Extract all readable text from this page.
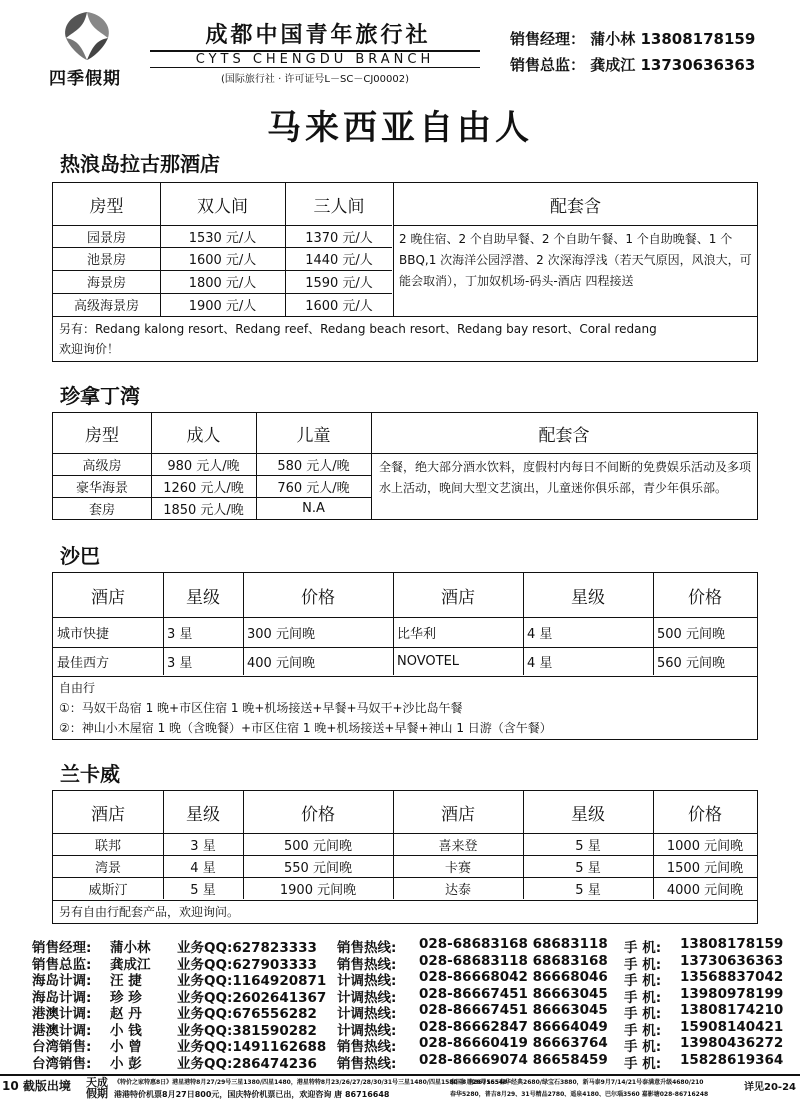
四季假期
成都中国青年旅行社
CYTS CHENGDU BRANCH
(国际旅行社 · 许可证号L－SC－CJ00002)
销售经理： 蒲小林 13808178159
销售总监： 龚成江 13730636363
马来西亚自由人
热浪岛拉古那酒店
房型	双人间	三人间	配套含
园景房	1530 元/人	1370 元/人
池景房	1600 元/人	1440 元/人
海景房	1800 元/人	1590 元/人
高级海景房	1900 元/人	1600 元/人
2 晚住宿、2 个自助早餐、2 个自助午餐、1 个自助晚餐、1 个 BBQ,1 次海洋公园浮潜、2 次深海浮浅（若天气原因，风浪大，可能会取消），丁加奴机场-码头-酒店 四程接送
另有：Redang kalong resort、Redang reef、Redang beach resort、Redang bay resort、Coral redang
欢迎询价！
珍拿丁湾
房型	成人	儿童	配套含
高级房	980 元人/晚	580 元人/晚
豪华海景	1260 元人/晚	760 元人/晚
套房	1850 元人/晚	N.A
全餐，绝大部分酒水饮料，度假村内每日不间断的免费娱乐活动及多项水上活动，晚间大型文艺演出，儿童迷你俱乐部，青少年俱乐部。
沙巴
酒店	星级	价格	酒店	星级	价格
城市快捷	3 星	300 元间晚	比华利	4 星	500 元间晚
最佳西方	3 星	400 元间晚	NOVOTEL	4 星	560 元间晚
自由行
①：马奴干岛宿 1 晚+市区住宿 1 晚+机场接送+早餐+马奴干+沙比岛午餐
②：神山小木屋宿 1 晚（含晚餐）+市区住宿 1 晚+机场接送+早餐+神山 1 日游（含午餐）
兰卡威
酒店	星级	价格	酒店	星级	价格
联邦	3 星	500 元间晚	喜来登	5 星	1000 元间晚
湾景	4 星	550 元间晚	卡赛	5 星	1500 元间晚
威斯汀	5 星	1900 元间晚	达泰	5 星	4000 元间晚
另有自由行配套产品，欢迎询问。
销售经理: 蒲小林 业务QQ:627823333 销售热线: 028-68683168 68683118 手 机: 13808178159
销售总监: 龚成江 业务QQ:627903333 销售热线: 028-68683118 68683168 手 机: 13730636363
海岛计调: 汪 捷	业务QQ:1164920871 计调热线: 028-86668042 86668046 手 机: 13568837042
海岛计调: 珍 珍	业务QQ:2602641367 计调热线: 028-86667451 86663045 手 机: 13980978199
港澳计调: 赵 丹	业务QQ:676556282 计调热线: 028-86667451 86663045 手 机: 13808174210
港澳计调: 小 钱	业务QQ:381590282 计调热线: 028-86662847 86664049 手 机: 15908140421
台湾销售: 小 曾	业务QQ:1491162688 销售热线: 028-86660419 86663764 手 机: 13980436272
台湾销售: 小 彭	业务QQ:286474236 销售热线: 028-86669074 86658459 手 机: 15828619364
10 截版出境 天成
假期
《特价之家特惠8日》港星港特8月27/29号三星1380/四星1480，港星特特8月23/26/27/28/30/31号三星1480/四星1580 丰 唐86716548
港港特价机票8月27日800元，国庆特价机票已出，欢迎咨询 唐 86716648
泰国8月28号555春华经典2680/绿宝石3880，新马泰9月7/14/21号泰满意升级4680/210
春华5280，普吉8月29、31号精品2780、遥泉4180、巴尔瑙3560 嘉影塘028-86716248
详见20-24
